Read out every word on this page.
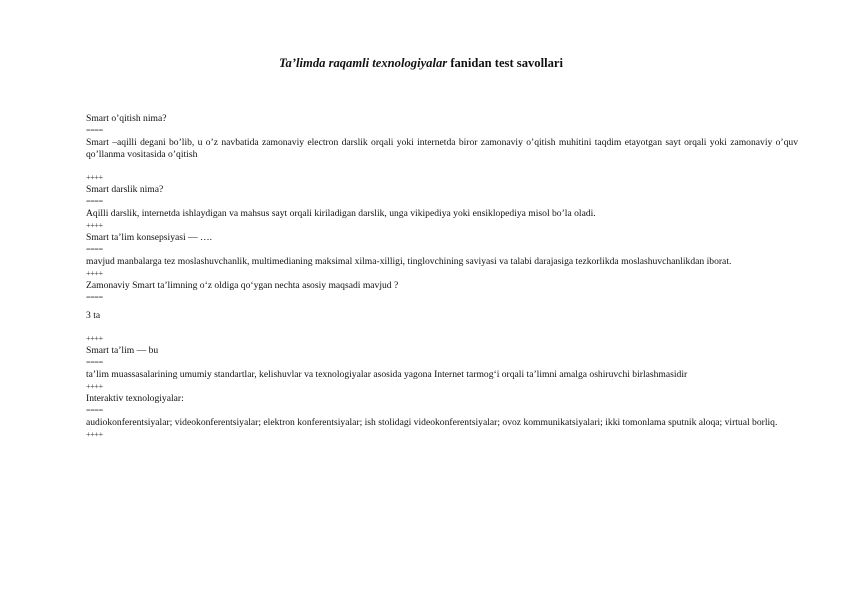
Ta’limda raqamli texnologiyalar fanidan test savollari
Smart o’qitish nima?
====
Smart –aqilli degani bo’lib, u o’z navbatida zamonaviy electron darslik orqali yoki internetda biror zamonaviy o’qitish muhitini taqdim etayotgan sayt orqali yoki zamonaviy o’quv qo’llanma vositasida o’qitish
++++
Smart darslik nima?
====
Aqilli darslik, internetda ishlaydigan va mahsus sayt orqali kiriladigan darslik, unga vikipediya yoki ensiklopediya misol bo’la oladi.
++++
Smart ta’lim konsepsiyasi — ….
====
mavjud manbalarga tez moslashuvchanlik, multimedianing maksimal xilma-xilligi, tinglovchining saviyasi va talabi darajasiga tezkorlikda moslashuvchanlikdan iborat.
++++
Zamonaviy Smart ta’limning o‘z oldiga qo‘ygan nechta asosiy maqsadi mavjud ?
====
3 ta
++++
Smart ta’lim — bu
====
ta’lim muassasalarining umumiy standartlar, kelishuvlar va texnologiyalar asosida yagona Internet tarmog‘i orqali ta’limni amalga oshiruvchi birlashmasidir
++++
Interaktiv texnologiyalar:
====
audiokonferentsiyalar; videokonferentsiyalar; elektron konferentsiyalar; ish stolidagi videokonferentsiyalar; ovoz kommunikatsiyalari; ikki tomonlama sputnik aloqa; virtual borliq.
++++
